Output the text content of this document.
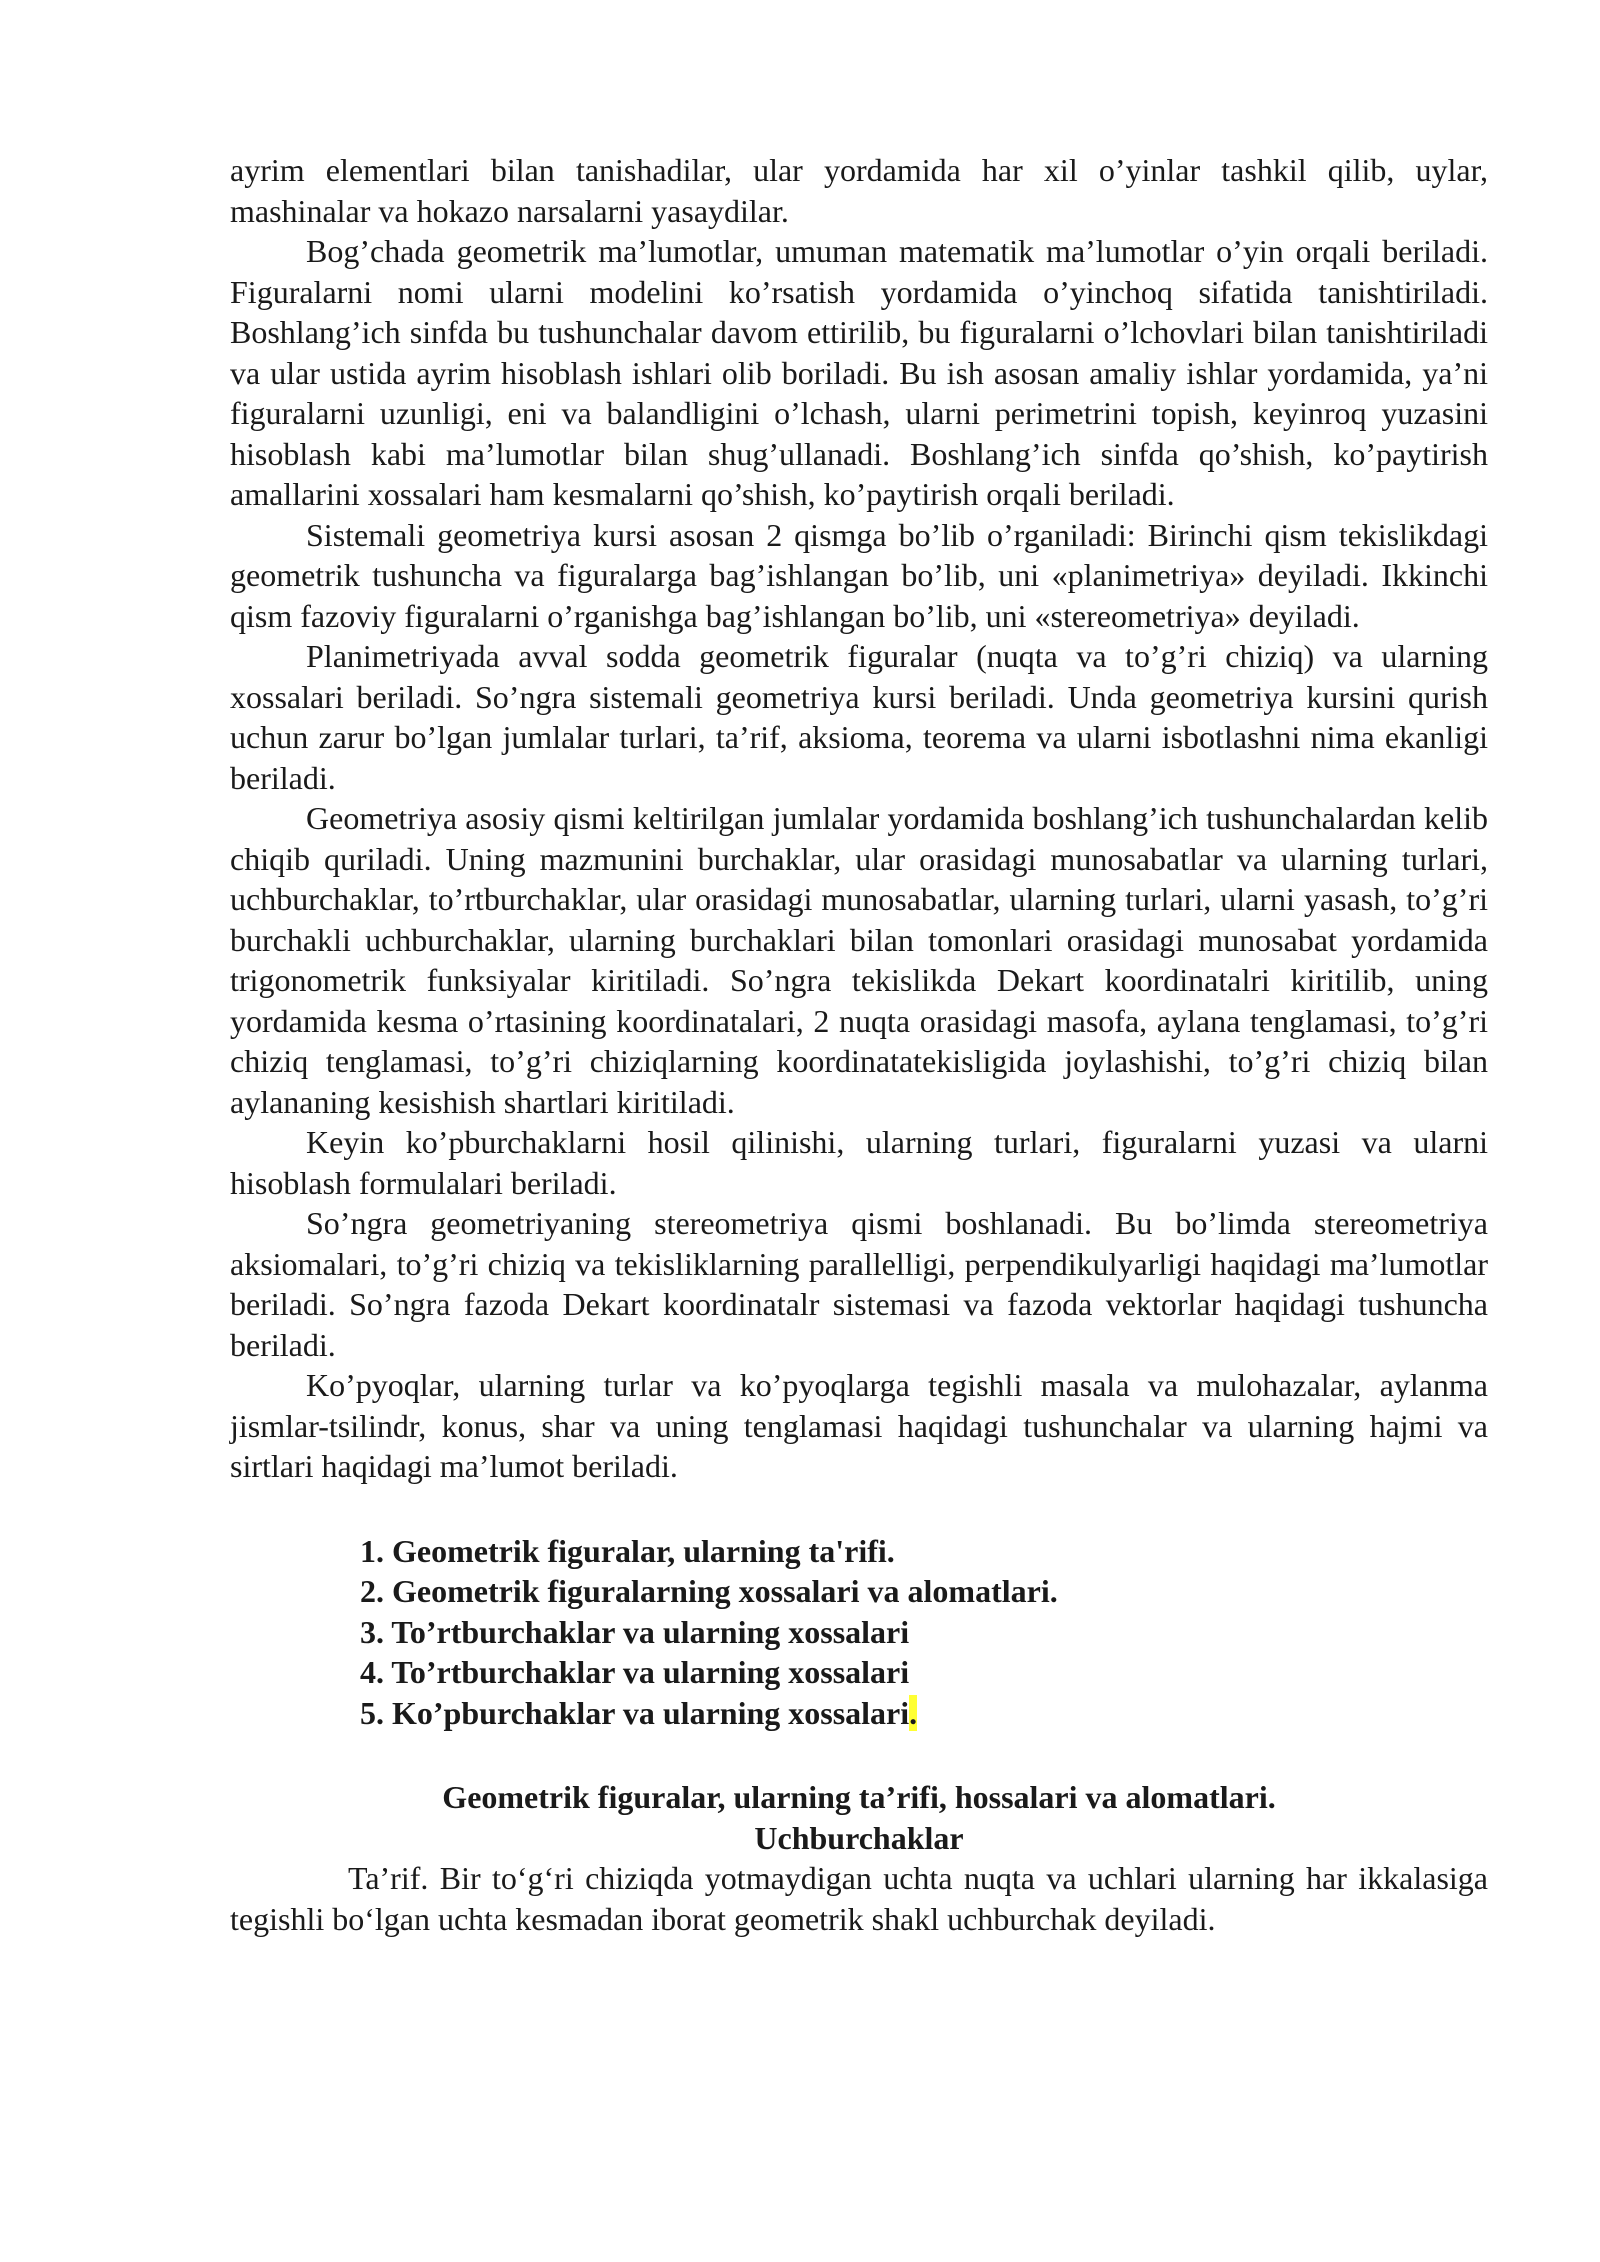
ayrim elementlari bilan tanishadilar, ular yordamida har xil o’yinlar tashkil qilib, uylar, mashinalar va hokazo narsalarni yasaydilar.

Bog’chada geometrik ma’lumotlar, umuman matematik ma’lumotlar o’yin orqali beriladi. Figuralarni nomi ularni modelini ko’rsatish yordamida o’yinchoq sifatida tanishtiriladi. Boshlang’ich sinfda bu tushunchalar davom ettirilib, bu figuralarni o’lchovlari bilan tanishtiriladi va ular ustida ayrim hisoblash ishlari olib boriladi. Bu ish asosan amaliy ishlar yordamida, ya’ni figuralarni uzunligi, eni va balandligini o’lchash, ularni perimetrini topish, keyinroq yuzasini hisoblash kabi ma’lumotlar bilan shug’ullanadi. Boshlang’ich sinfda qo’shish, ko’paytirish amallarini xossalari ham kesmalarni qo’shish, ko’paytirish orqali beriladi.

Sistemali geometriya kursi asosan 2 qismga bo’lib o’rganiladi: Birinchi qism tekislikdagi geometrik tushuncha va figuralarga bag’ishlangan bo’lib, uni «planimetriya» deyiladi. Ikkinchi qism fazoviy figuralarni o’rganishga bag’ishlangan bo’lib, uni «stereometriya» deyiladi.

Planimetriyada avval sodda geometrik figuralar (nuqta va to’g’ri chiziq) va ularning xossalari beriladi. So’ngra sistemali geometriya kursi beriladi. Unda geometriya kursini qurish uchun zarur bo’lgan jumlalar turlari, ta’rif, aksioma, teorema va ularni isbotlashni nima ekanligi beriladi.

Geometriya asosiy qismi keltirilgan jumlalar yordamida boshlang’ich tushunchalardan kelib chiqib quriladi. Uning mazmunini burchaklar, ular orasidagi munosabatlar va ularning turlari, uchburchaklar, to’rtburchaklar, ular orasidagi munosabatlar, ularning turlari, ularni yasash, to’g’ri burchakli uchburchaklar, ularning burchaklari bilan tomonlari orasidagi munosabat yordamida trigonometrik funksiyalar kiritiladi. So’ngra tekislikda Dekart koordinatalri kiritilib, uning yordamida kesma o’rtasining koordinatalari, 2 nuqta orasidagi masofa, aylana tenglamasi, to’g’ri chiziq tenglamasi, to’g’ri chiziqlarning koordinatatekisligida joylashishi, to’g’ri chiziq bilan aylananing kesishish shartlari kiritiladi.

Keyin ko’pburchaklarni hosil qilinishi, ularning turlari, figuralarni yuzasi va ularni hisoblash formulalari beriladi.

So’ngra geometriyaning stereometriya qismi boshlanadi. Bu bo’limda stereometriya aksiomalari, to’g’ri chiziq va tekisliklarning parallelligi, perpendikulyarligi haqidagi ma’lumotlar beriladi. So’ngra fazoda Dekart koordinatalr sistemasi va fazoda vektorlar haqidagi tushuncha beriladi.

Ko’pyoqlar, ularning turlar va ko’pyoqlarga tegishli masala va mulohazalar, aylanma jismlar-tsilindr, konus, shar va uning tenglamasi haqidagi tushunchalar va ularning hajmi va sirtlari haqidagi ma’lumot beriladi.

1. Geometrik figuralar, ularning ta'rifi.
2. Geometrik figuralarning xossalari va alomatlari.
3. To’rtburchaklar va ularning xossalari
4. To’rtburchaklar va ularning xossalari
5. Ko’pburchaklar va ularning xossalari.

Geometrik figuralar, ularning ta’rifi, hossalari va alomatlari.

Uchburchaklar

Ta’rif. Bir to‘g‘ri chiziqda yotmaydigan uchta nuqta va uchlari ularning har ikkalasiga tegishli bo‘lgan uchta kesmadan iborat geometrik shakl uchburchak deyiladi.
